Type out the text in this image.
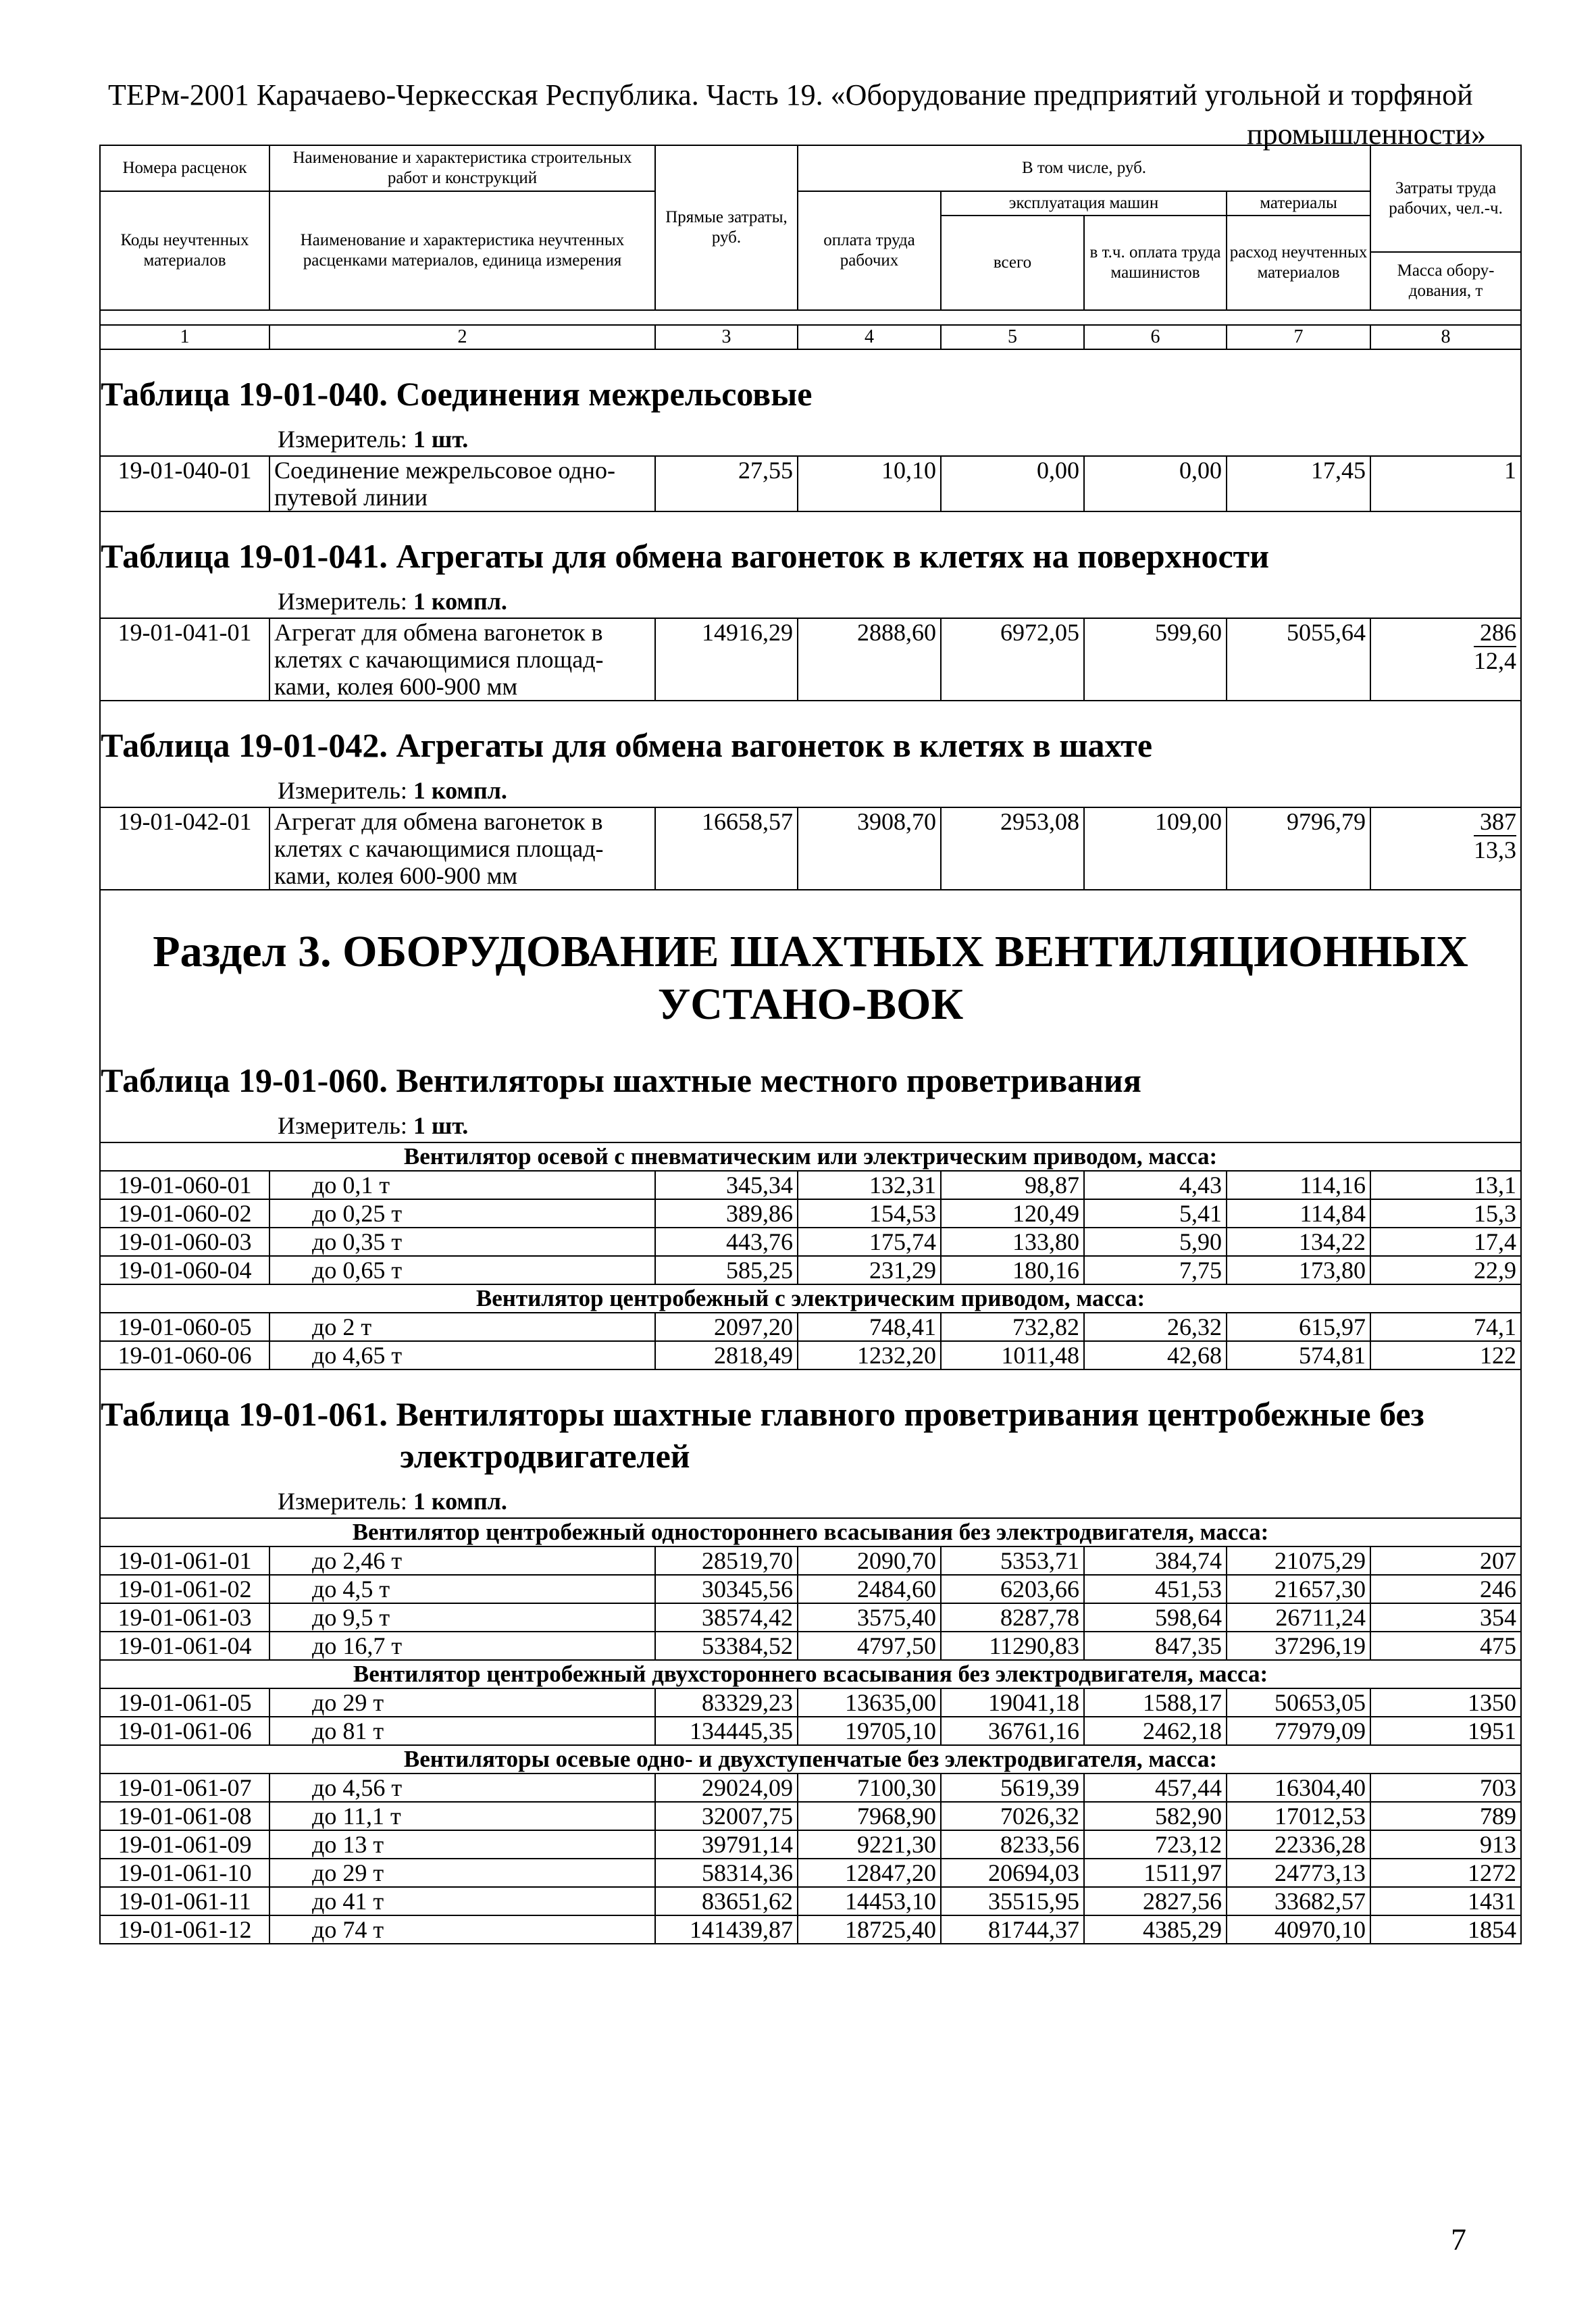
ТЕРм-2001 Карачаево-Черкесская Республика. Часть 19. «Оборудование предприятий угольной и торфяной
промышленности»
Номера расценок	Наименование и характеристика строительных работ и конструкций	Прямые затраты, руб.	В том числе, руб.				Затраты труда рабочих, чел.-ч.
Коды неучтенных материалов	Наименование и характеристика неучтенных расценками материалов, единица измерения		оплата труда рабочих	эксплуатация машин		материалы	
				всего	в т.ч. оплата труда машинистов	расход неучтенных материалов	
							Масса обору-дования, т

1	2	3	4	5	6	7	8

Таблица 19-01-040. Соединения межрельсовые
Измеритель: 1 шт.							

19-01-040-01	Соединение межрельсовое одно-путевой линии	27,55	10,10	0,00	0,00	17,45	1

Таблица 19-01-041. Агрегаты для обмена вагонеток в клетях на поверхности
Измеритель: 1 компл.							

19-01-041-01	Агрегат для обмена вагонеток в клетях с качающимися площад-ками, колея 600-900 мм	14916,29	2888,60	6972,05	599,60	5055,64	$\frac{286}{12,4}$

Таблица 19-01-042. Агрегаты для обмена вагонеток в клетях в шахте
Измеритель: 1 компл.							

19-01-042-01	Агрегат для обмена вагонеток в клетях с качающимися площад-ками, колея 600-900 мм	16658,57	3908,70	2953,08	109,00	9796,79	$\frac{387}{13,3}$

Раздел 3. ОБОРУДОВАНИЕ ШАХТНЫХ ВЕНТИЛЯЦИОННЫХ УСТАНО-ВОК							

Таблица 19-01-060. Вентиляторы шахтные местного проветривания
Измеритель: 1 шт.							

Вентилятор осевой с пневматическим или электрическим приводом, масса:							
19-01-060-01	до 0,1 т	345,34	132,31	98,87	4,43	114,16	13,1
19-01-060-02	до 0,25 т	389,86	154,53	120,49	5,41	114,84	15,3
19-01-060-03	до 0,35 т	443,76	175,74	133,80	5,90	134,22	17,4
19-01-060-04	до 0,65 т	585,25	231,29	180,16	7,75	173,80	22,9
Вентилятор центробежный с электрическим приводом, масса:							
19-01-060-05	до 2 т	2097,20	748,41	732,82	26,32	615,97	74,1
19-01-060-06	до 4,65 т	2818,49	1232,20	1011,48	42,68	574,81	122

Таблица 19-01-061. Вентиляторы шахтные главного проветривания центробежные без
электродвигателей
Измеритель: 1 компл.							

Вентилятор центробежный одностороннего всасывания без электродвигателя, масса:							
19-01-061-01	до 2,46 т	28519,70	2090,70	5353,71	384,74	21075,29	207
19-01-061-02	до 4,5 т	30345,56	2484,60	6203,66	451,53	21657,30	246
19-01-061-03	до 9,5 т	38574,42	3575,40	8287,78	598,64	26711,24	354
19-01-061-04	до 16,7 т	53384,52	4797,50	11290,83	847,35	37296,19	475
Вентилятор центробежный двухстороннего всасывания без электродвигателя, масса:							
19-01-061-05	до 29 т	83329,23	13635,00	19041,18	1588,17	50653,05	1350
19-01-061-06	до 81 т	134445,35	19705,10	36761,16	2462,18	77979,09	1951
Вентиляторы осевые одно- и двухступенчатые без электродвигателя, масса:							
19-01-061-07	до 4,56 т	29024,09	7100,30	5619,39	457,44	16304,40	703
19-01-061-08	до 11,1 т	32007,75	7968,90	7026,32	582,90	17012,53	789
19-01-061-09	до 13 т	39791,14	9221,30	8233,56	723,12	22336,28	913
19-01-061-10	до 29 т	58314,36	12847,20	20694,03	1511,97	24773,13	1272
19-01-061-11	до 41 т	83651,62	14453,10	35515,95	2827,56	33682,57	1431
19-01-061-12	до 74 т	141439,87	18725,40	81744,37	4385,29	40970,10	1854
7
